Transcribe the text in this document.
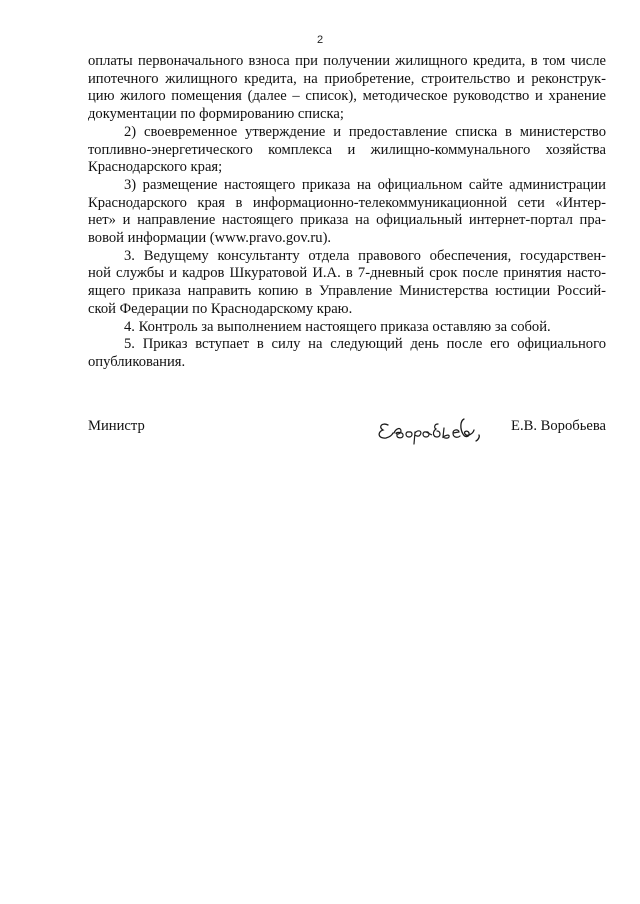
2
оплаты первоначального взноса при получении жилищного кредита, в том числе
ипотечного жилищного кредита, на приобретение, строительство и реконструк-
цию жилого помещения (далее – список), методическое руководство и хранение
документации по формированию списка;
2) своевременное утверждение и предоставление списка в министерство
топливно-энергетического комплекса и жилищно-коммунального хозяйства
Краснодарского края;
3) размещение настоящего приказа на официальном сайте администрации
Краснодарского края в информационно-телекоммуникационной сети «Интер-
нет» и направление настоящего приказа на официальный интернет-портал пра-
вовой информации (www.pravo.gov.ru).
3. Ведущему консультанту отдела правового обеспечения, государствен-
ной службы и кадров Шкуратовой И.А. в 7-дневный срок после принятия насто-
ящего приказа направить копию в Управление Министерства юстиции Россий-
ской Федерации по Краснодарскому краю.
4. Контроль за выполнением настоящего приказа оставляю за собой.
5. Приказ вступает в силу на следующий день после его официального
опубликования.
Министр	Е.В. Воробьева
